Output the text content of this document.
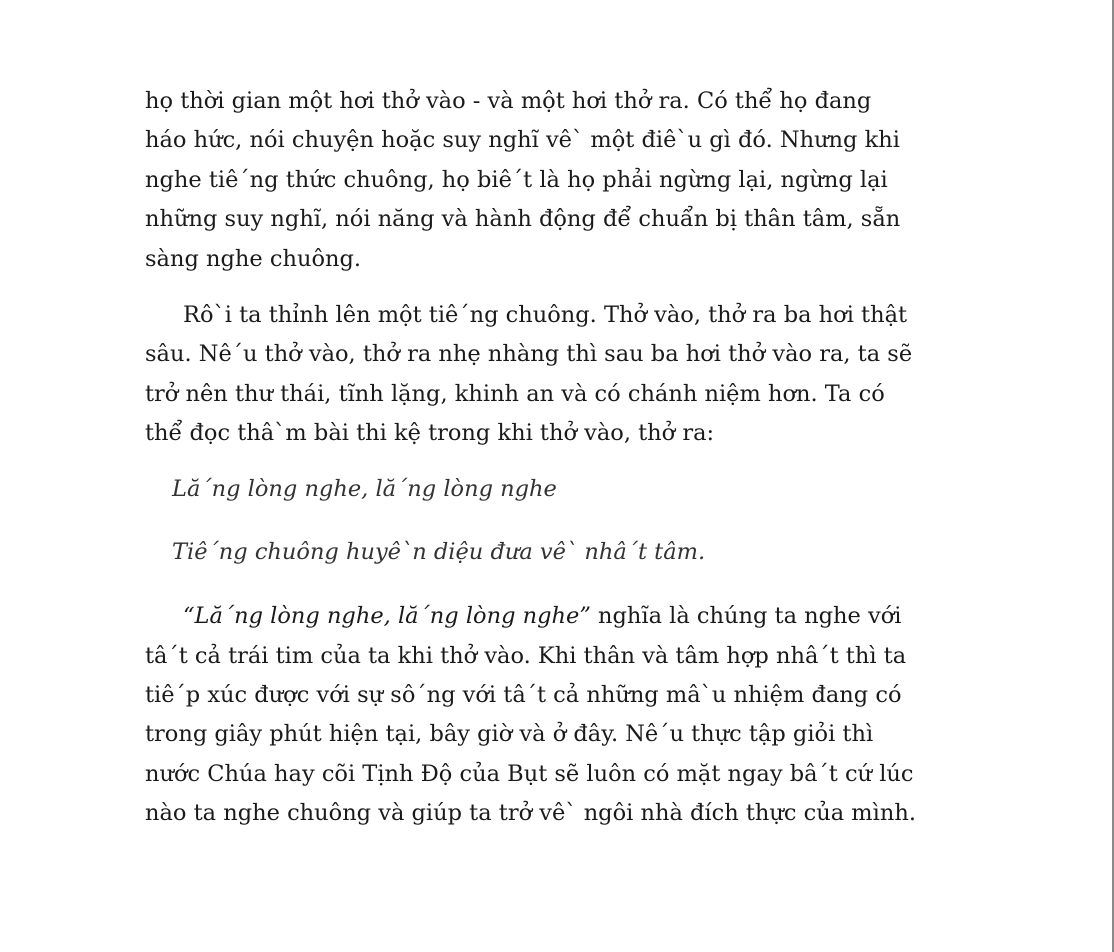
họ thời gian một hơi thở vào - và một hơi thở ra. Có thể họ đang
háo hức, nói chuyện hoặc suy nghĩ vê` một điê`u gì đó. Nhưng khi
nghe tiê´ng thức chuông, họ biê´t là họ phải ngừng lại, ngừng lại
những suy nghĩ, nói năng và hành động để chuẩn bị thân tâm, sẵn
sàng nghe chuông.

Rô`i ta thỉnh lên một tiê´ng chuông. Thở vào, thở ra ba hơi thật
sâu. Nê´u thở vào, thở ra nhẹ nhàng thì sau ba hơi thở vào ra, ta sẽ
trở nên thư thái, tĩnh lặng, khinh an và có chánh niệm hơn. Ta có
thể đọc thâ`m bài thi kệ trong khi thở vào, thở ra:

Lă´ng lòng nghe, lă´ng lòng nghe
Tiê´ng chuông huyê`n diệu đưa vê` nhâ´t tâm.

“Lă´ng lòng nghe, lă´ng lòng nghe” nghĩa là chúng ta nghe với
tâ´t cả trái tim của ta khi thở vào. Khi thân và tâm hợp nhâ´t thì ta
tiê´p xúc được với sự sô´ng với tâ´t cả những mâ`u nhiệm đang có
trong giây phút hiện tại, bây giờ và ở đây. Nê´u thực tập giỏi thì
nước Chúa hay cõi Tịnh Độ của Bụt sẽ luôn có mặt ngay bâ´t cứ lúc
nào ta nghe chuông và giúp ta trở vê` ngôi nhà đích thực của mình.
